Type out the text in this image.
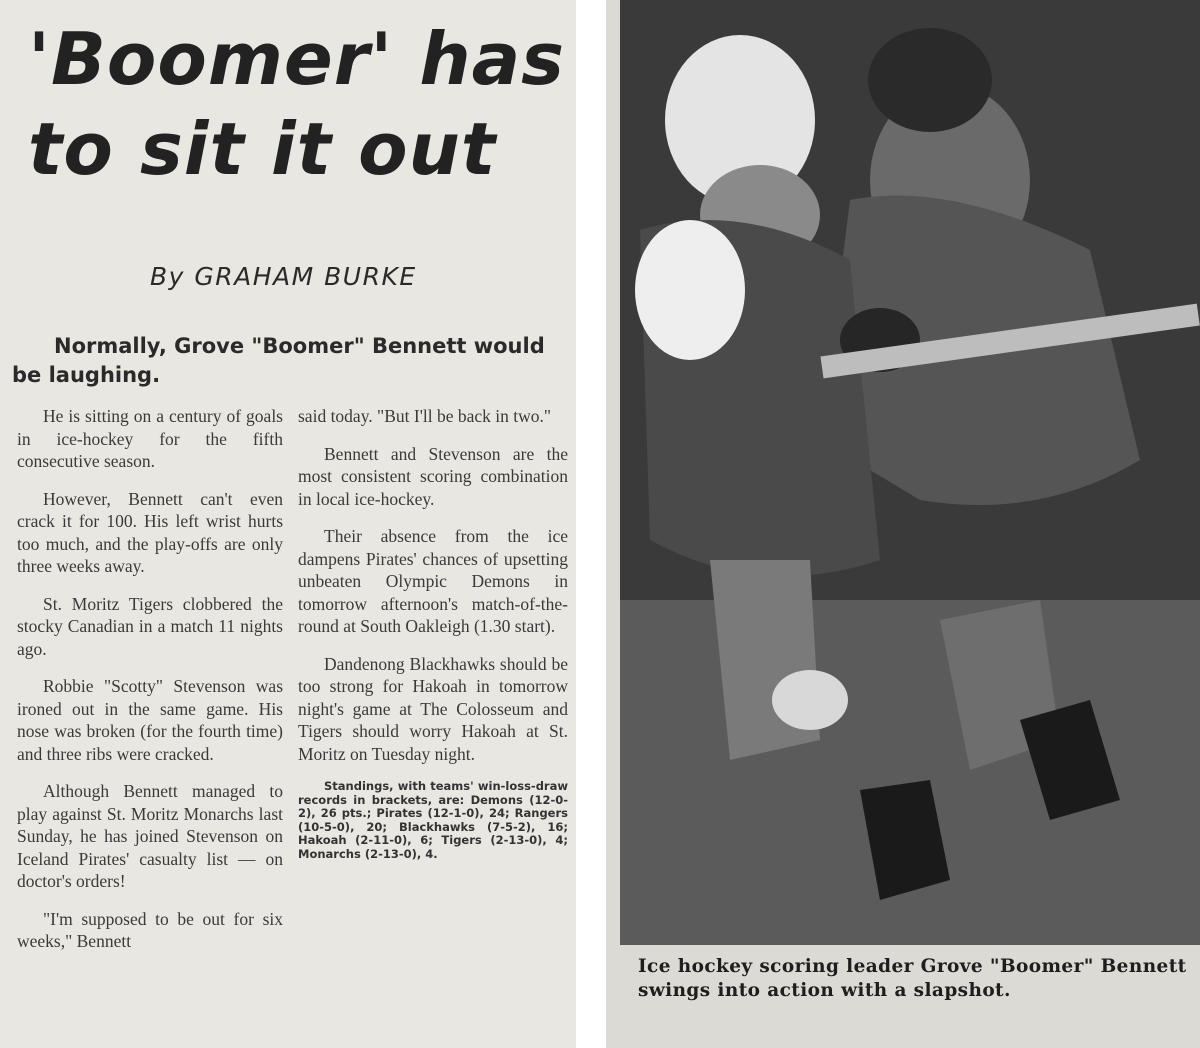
'Boomer' has to sit it out

By GRAHAM BURKE

Normally, Grove "Boomer" Bennett would be laughing.

He is sitting on a century of goals in ice-hockey for the fifth consecutive season.

However, Bennett can't even crack it for 100. His left wrist hurts too much, and the play-offs are only three weeks away.

St. Moritz Tigers clobbered the stocky Canadian in a match 11 nights ago.

Robbie "Scotty" Stevenson was ironed out in the same game. His nose was broken (for the fourth time) and three ribs were cracked.

Although Bennett managed to play against St. Moritz Monarchs last Sunday, he has joined Stevenson on Iceland Pirates' casualty list — on doctor's orders!

"I'm supposed to be out for six weeks," Bennett

said today. "But I'll be back in two."

Bennett and Stevenson are the most consistent scoring combination in local ice-hockey.

Their absence from the ice dampens Pirates' chances of upsetting unbeaten Olympic Demons in tomorrow afternoon's match-of-the-round at South Oakleigh (1.30 start).

Dandenong Blackhawks should be too strong for Hakoah in tomorrow night's game at The Colosseum and Tigers should worry Hakoah at St. Moritz on Tuesday night.

Standings, with teams' win-loss-draw records in brackets, are: Demons (12-0-2), 26 pts.; Pirates (12-1-0), 24; Rangers (10-5-0), 20; Blackhawks (7-5-2), 16; Hakoah (2-11-0), 6; Tigers (2-13-0), 4; Monarchs (2-13-0), 4.

Ice hockey scoring leader Grove "Boomer" Bennett swings into action with a slapshot.
